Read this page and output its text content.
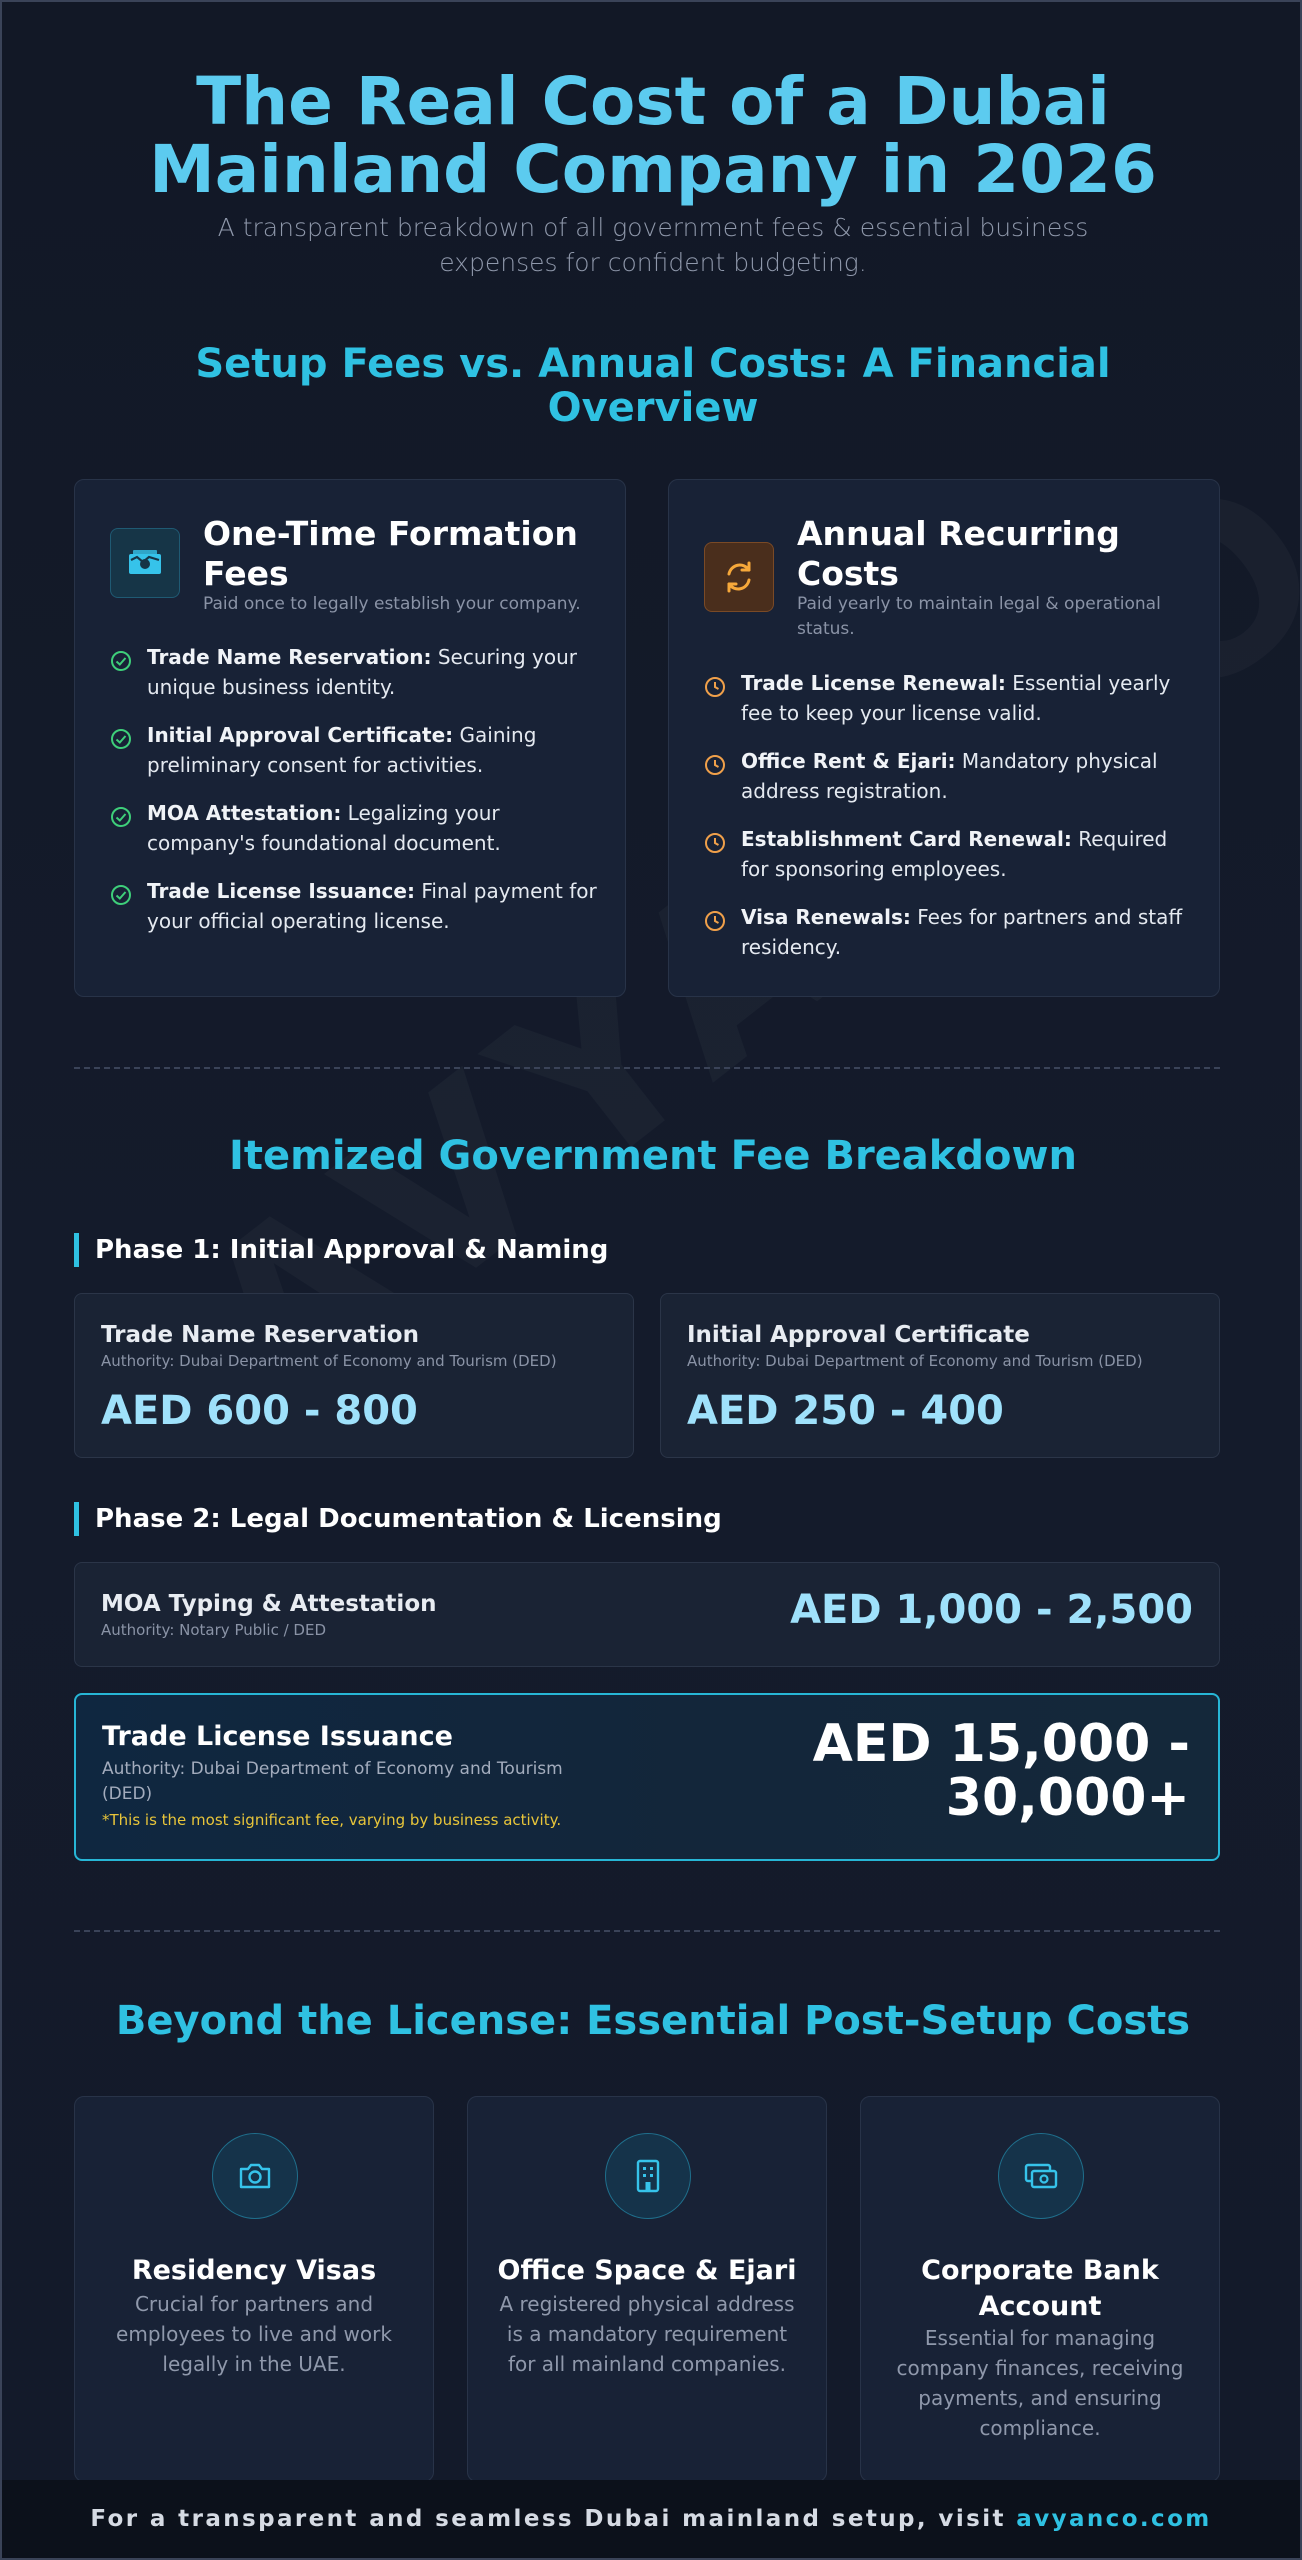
The Real Cost of a Dubai
Mainland Company in 2026
A transparent breakdown of all government fees & essential business
expenses for confident budgeting.
Setup Fees vs. Annual Costs: A Financial
Overview
One-Time Formation
Fees
Paid once to legally establish your company.
Trade Name Reservation: Securing your
unique business identity.
Initial Approval Certificate: Gaining
preliminary consent for activities.
MOA Attestation: Legalizing your
company's foundational document.
Trade License Issuance: Final payment for
your official operating license.
Annual Recurring
Costs
Paid yearly to maintain legal & operational
status.
Trade License Renewal: Essential yearly
fee to keep your license valid.
Office Rent & Ejari: Mandatory physical
address registration.
Establishment Card Renewal: Required
for sponsoring employees.
Visa Renewals: Fees for partners and staff
residency.
Itemized Government Fee Breakdown
Phase 1: Initial Approval & Naming
Trade Name Reservation
Authority: Dubai Department of Economy and Tourism (DED)
AED 600 - 800
Initial Approval Certificate
Authority: Dubai Department of Economy and Tourism (DED)
AED 250 - 400
Phase 2: Legal Documentation & Licensing
MOA Typing & Attestation
Authority: Notary Public / DED	AED 1,000 - 2,500
Trade License Issuance
Authority: Dubai Department of Economy and Tourism
(DED)
*This is the most significant fee, varying by business activity.
AED 15,000 -
30,000+
Beyond the License: Essential Post-Setup Costs
Residency Visas
Crucial for partners and
employees to live and work
legally in the UAE.
Office Space & Ejari
A registered physical address
is a mandatory requirement
for all mainland companies.
Corporate Bank
Account
Essential for managing
company finances, receiving
payments, and ensuring
compliance.
For a transparent and seamless Dubai mainland setup, visit avyanco.com
